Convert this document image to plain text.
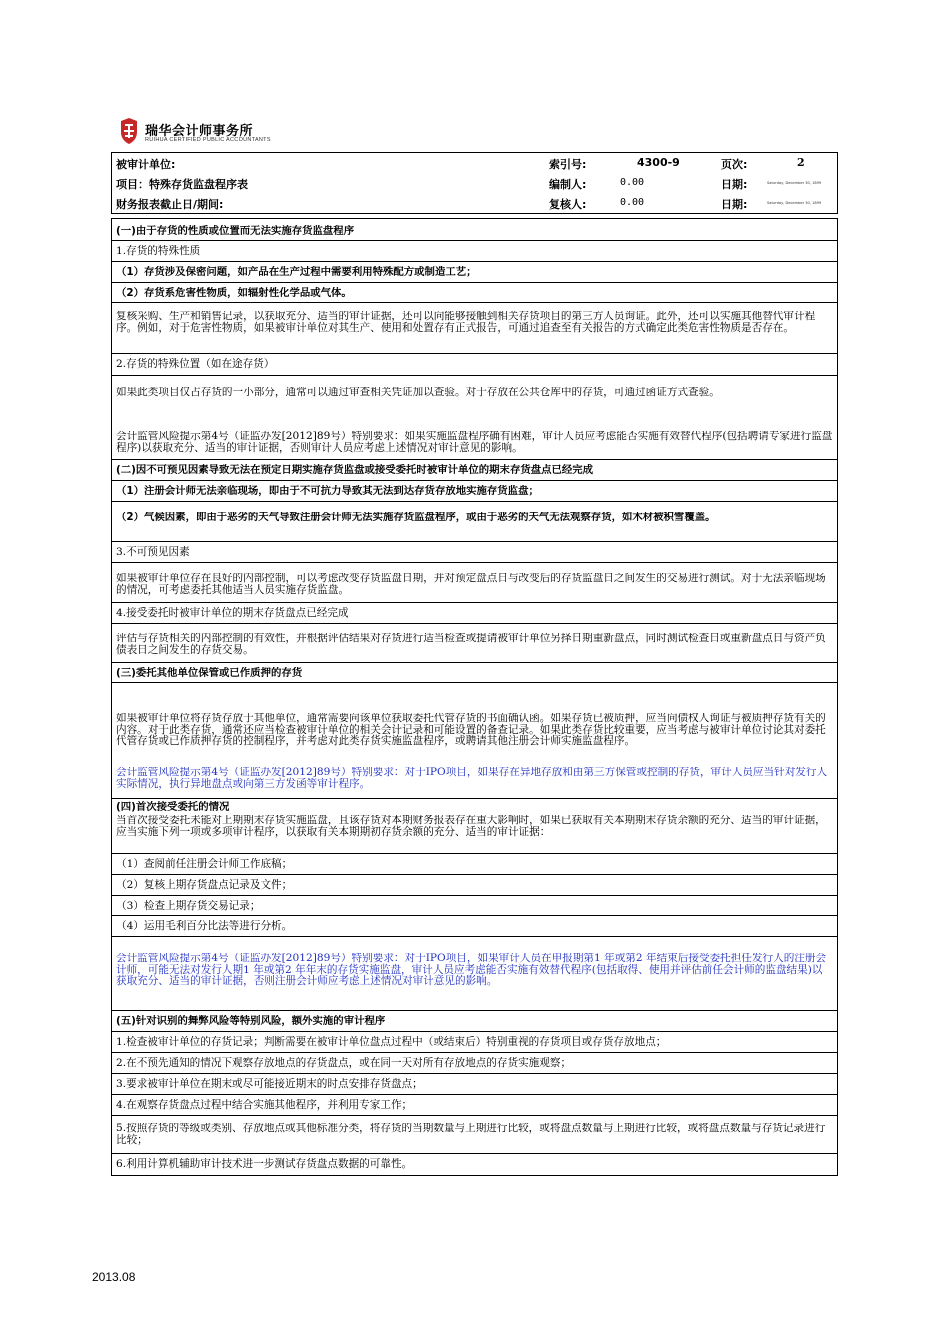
瑞华会计师事务所
RUIHUA CERTIFIED PUBLIC ACCOUNTANTS
被审计单位:	索引号:	4300-9	页次:	2
项目：特殊存货监盘程序表	编制人:	0.00	日期:	Saturday, December 30, 1899
财务报表截止日/期间:	复核人:	0.00	日期:	Saturday, December 30, 1899
(一)由于存货的性质或位置而无法实施存货监盘程序
1.存货的特殊性质
（1）存货涉及保密问题，如产品在生产过程中需要利用特殊配方或制造工艺；
（2）存货系危害性物质，如辐射性化学品或气体。
复核采购、生产和销售记录，以获取充分、适当的审计证据，还可以向能够接触到相关存货项目的第三方人员询证。此外，还可以实施其他替代审计程序。例如，对于危害性物质，如果被审计单位对其生产、使用和处置存有正式报告，可通过追查至有关报告的方式确定此类危害性物质是否存在。
2.存货的特殊位置（如在途存货）
如果此类项目仅占存货的一小部分，通常可以通过审查相关凭证加以查验。对于存放在公共仓库中的存货，可通过函证方式查验。
会计监管风险提示第4号（证监办发[2012]89号）特别要求：如果实施监盘程序确有困难，审计人员应考虑能否实施有效替代程序(包括聘请专家进行监盘程序)以获取充分、适当的审计证据，否则审计人员应考虑上述情况对审计意见的影响。
(二)因不可预见因素导致无法在预定日期实施存货监盘或接受委托时被审计单位的期末存货盘点已经完成
（1）注册会计师无法亲临现场，即由于不可抗力导致其无法到达存货存放地实施存货监盘；
（2）气候因素，即由于恶劣的天气导致注册会计师无法实施存货监盘程序，或由于恶劣的天气无法观察存货，如木材被积雪覆盖。
3.不可预见因素
如果被审计单位存在良好的内部控制，可以考虑改变存货监盘日期，并对预定盘点日与改变后的存货监盘日之间发生的交易进行测试。对于无法亲临现场的情况，可考虑委托其他适当人员实施存货监盘。
4.接受委托时被审计单位的期末存货盘点已经完成
评估与存货相关的内部控制的有效性，并根据评估结果对存货进行适当检查或提请被审计单位另择日期重新盘点，同时测试检查日或重新盘点日与资产负债表日之间发生的存货交易。
(三)委托其他单位保管或已作质押的存货
如果被审计单位将存货存放于其他单位，通常需要向该单位获取委托代管存货的书面确认函。如果存货已被质押，应当向债权人询证与被质押存货有关的内容。对于此类存货，通常还应当检查被审计单位的相关会计记录和可能设置的备查记录。如果此类存货比较重要，应当考虑与被审计单位讨论其对委托代管存货或已作质押存货的控制程序，并考虑对此类存货实施监盘程序，或聘请其他注册会计师实施监盘程序。
会计监管风险提示第4号（证监办发[2012]89号）特别要求：对于IPO项目，如果存在异地存放和由第三方保管或控制的存货，审计人员应当针对发行人实际情况，执行异地盘点或向第三方发函等审计程序。
(四)首次接受委托的情况
当首次接受委托未能对上期期末存货实施监盘，且该存货对本期财务报表存在重大影响时，如果已获取有关本期期末存货余额的充分、适当的审计证据，应当实施下列一项或多项审计程序，以获取有关本期期初存货余额的充分、适当的审计证据：
（1）查阅前任注册会计师工作底稿；
（2）复核上期存货盘点记录及文件；
（3）检查上期存货交易记录；
（4）运用毛利百分比法等进行分析。
会计监管风险提示第4号（证监办发[2012]89号）特别要求：对于IPO项目，如果审计人员在申报期第1 年或第2 年结束后接受委托担任发行人的注册会计师，可能无法对发行人期1 年或第2 年年末的存货实施监盘，审计人员应考虑能否实施有效替代程序(包括取得、使用并评估前任会计师的监盘结果)以获取充分、适当的审计证据，否则注册会计师应考虑上述情况对审计意见的影响。
(五)针对识别的舞弊风险等特别风险，额外实施的审计程序
1.检查被审计单位的存货记录；判断需要在被审计单位盘点过程中（或结束后）特别重视的存货项目或存货存放地点；
2.在不预先通知的情况下观察存放地点的存货盘点，或在同一天对所有存放地点的存货实施观察；
3.要求被审计单位在期末或尽可能接近期末的时点安排存货盘点；
4.在观察存货盘点过程中结合实施其他程序，并利用专家工作；
5.按照存货的等级或类别、存放地点或其他标准分类，将存货的当期数量与上期进行比较，或将盘点数量与上期进行比较，或将盘点数量与存货记录进行比较；
6.利用计算机辅助审计技术进一步测试存货盘点数据的可靠性。
2013.08
